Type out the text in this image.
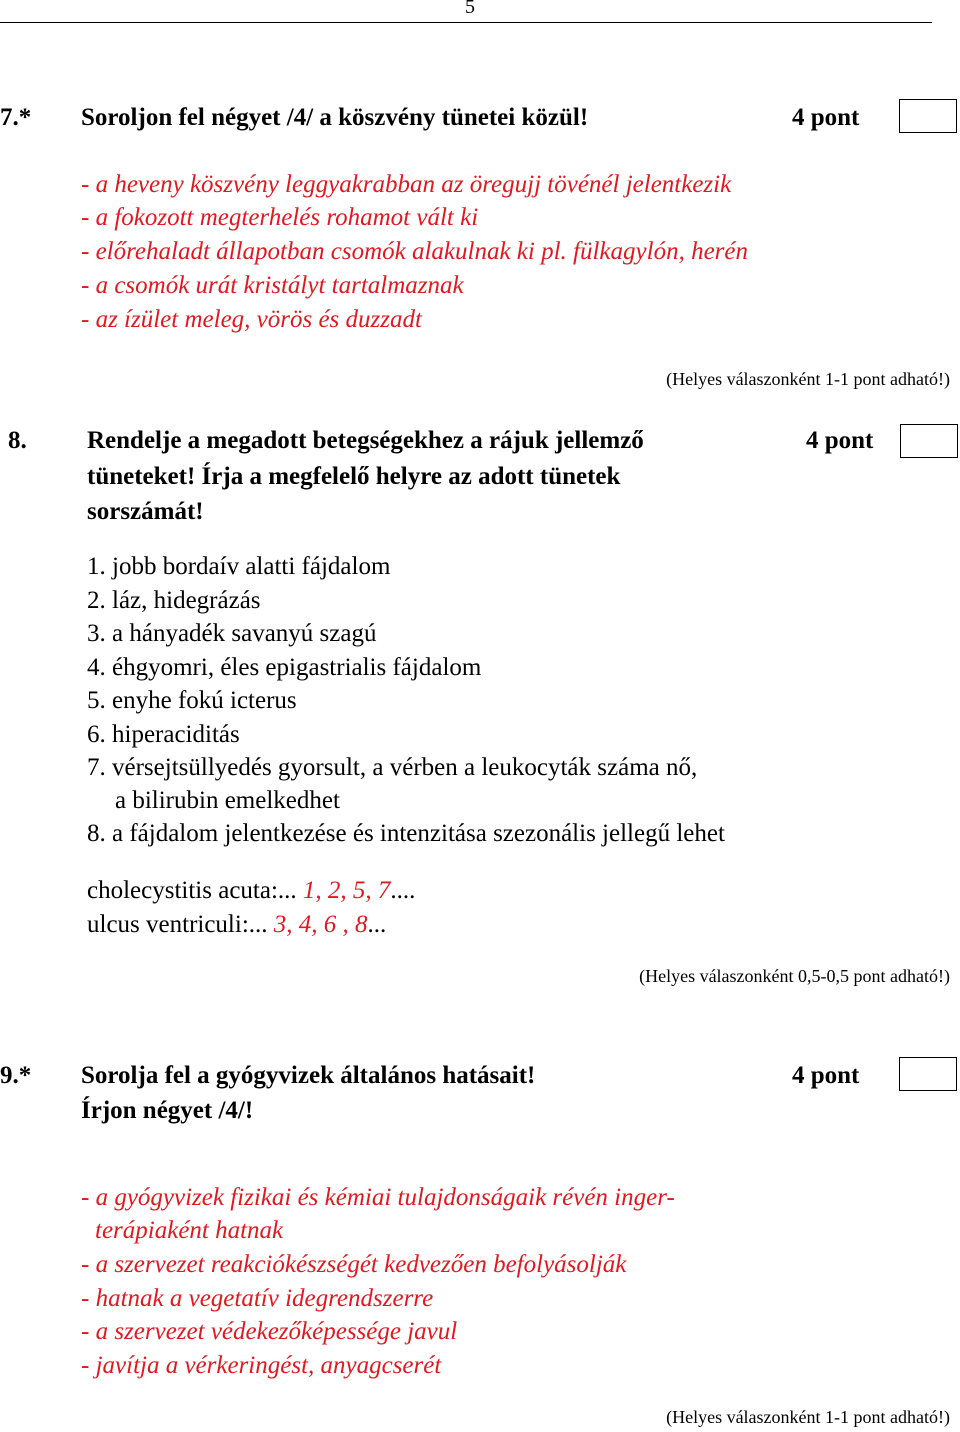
5
7.* Soroljon fel négyet /4/ a köszvény tünetei közül!	4 pont
- a heveny köszvény leggyakrabban az öregujj tövénél jelentkezik
- a fokozott megterhelés rohamot vált ki
- előrehaladt állapotban csomók alakulnak ki pl. fülkagylón, herén
- a csomók urát kristályt tartalmaznak
- az ízület meleg, vörös és duzzadt
(Helyes válaszonként 1-1 pont adható!)
8. Rendelje a megadott betegségekhez a rájuk jellemző
tüneteket! Írja a megfelelő helyre az adott tünetek
sorszámát!
4 pont
1. jobb bordaív alatti fájdalom
2. láz, hidegrázás
3. a hányadék savanyú szagú
4. éhgyomri, éles epigastrialis fájdalom
5. enyhe fokú icterus
6. hiperaciditás
7. vérsejtsüllyedés gyorsult, a vérben a leukocyták száma nő,
a bilirubin emelkedhet
8. a fájdalom jelentkezése és intenzitása szezonális jellegű lehet
cholecystitis acuta:... 1, 2, 5, 7....
ulcus ventriculi:... 3, 4, 6 , 8...
(Helyes válaszonként 0,5-0,5 pont adható!)
9.* Sorolja fel a gyógyvizek általános hatásait!
Írjon négyet /4/!
4 pont
- a gyógyvizek fizikai és kémiai tulajdonságaik révén inger-
terápiaként hatnak
- a szervezet reakciókészségét kedvezően befolyásolják
- hatnak a vegetatív idegrendszerre
- a szervezet védekezőképessége javul
- javítja a vérkeringést, anyagcserét
(Helyes válaszonként 1-1 pont adható!)
